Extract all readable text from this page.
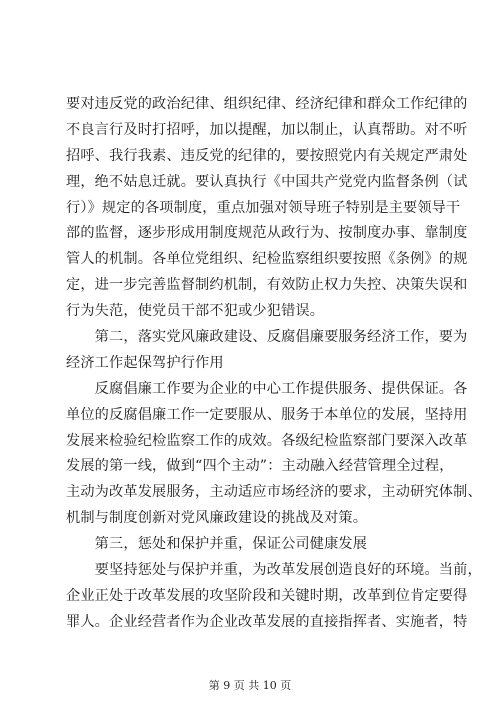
要对违反党的政治纪律、组织纪律、经济纪律和群众工作纪律的
不良言行及时打招呼，加以提醒，加以制止，认真帮助。对不听
招呼、我行我素、违反党的纪律的，要按照党内有关规定严肃处
理，绝不姑息迁就。要认真执行《中国共产党党内监督条例（试
行）》规定的各项制度，重点加强对领导班子特别是主要领导干
部的监督，逐步形成用制度规范从政行为、按制度办事、靠制度
管人的机制。各单位党组织、纪检监察组织要按照《条例》的规
定，进一步完善监督制约机制，有效防止权力失控、决策失误和
行为失范，使党员干部不犯或少犯错误。
　　第二，落实党风廉政建设、反腐倡廉要服务经济工作，要为
经济工作起保驾护行作用
　　反腐倡廉工作要为企业的中心工作提供服务、提供保证。各
单位的反腐倡廉工作一定要服从、服务于本单位的发展，坚持用
发展来检验纪检监察工作的成效。各级纪检监察部门要深入改革
发展的第一线，做到“四个主动”：主动融入经营管理全过程，
主动为改革发展服务，主动适应市场经济的要求，主动研究体制、
机制与制度创新对党风廉政建设的挑战及对策。
　　第三，惩处和保护并重，保证公司健康发展
　　要坚持惩处与保护并重，为改革发展创造良好的环境。当前，
企业正处于改革发展的攻坚阶段和关键时期，改革到位肯定要得
罪人。企业经营者作为企业改革发展的直接指挥者、实施者，特
第 9 页 共 10 页
